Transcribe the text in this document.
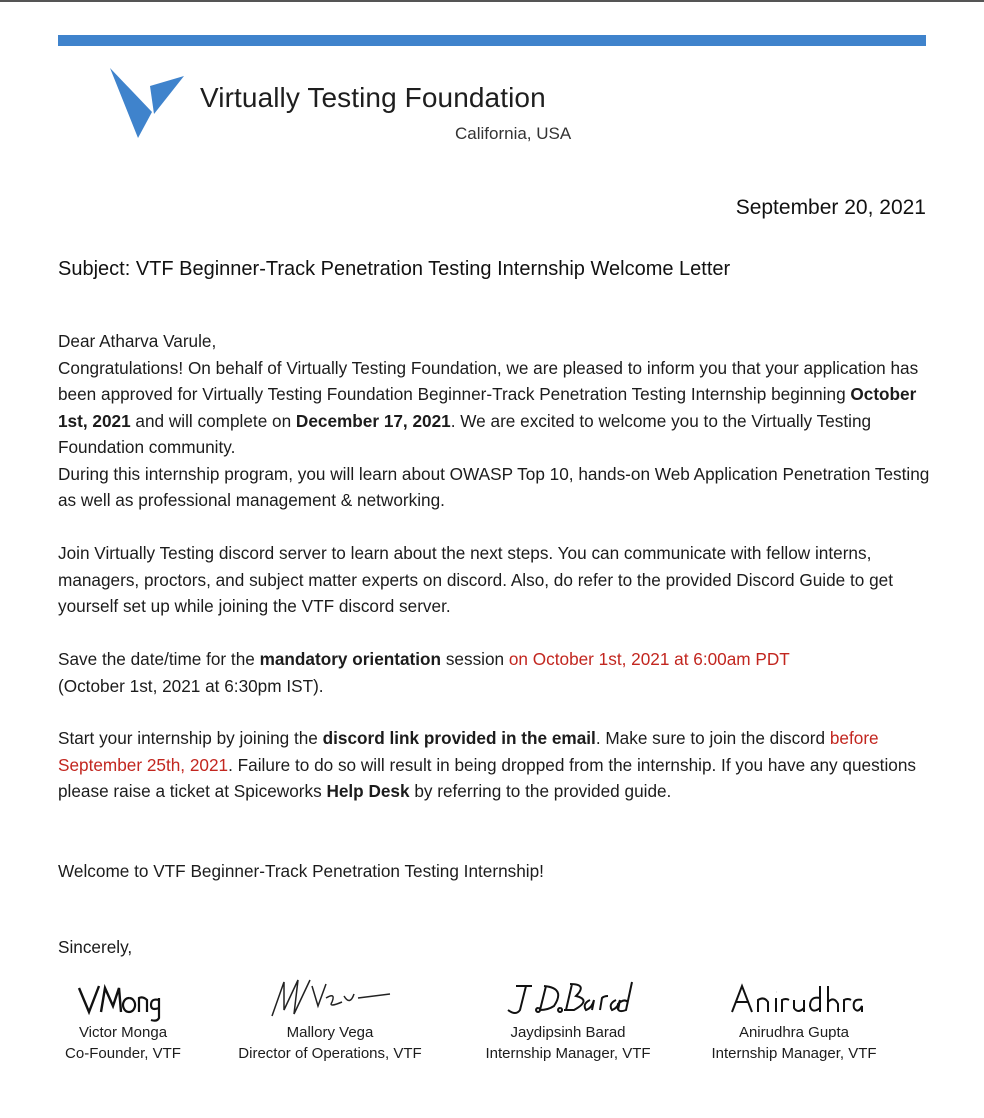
Virtually Testing Foundation
California, USA
September 20, 2021
Subject: VTF Beginner-Track Penetration Testing Internship Welcome Letter

Dear Atharva Varule,

Congratulations! On behalf of Virtually Testing Foundation, we are pleased to inform you that your application has been approved for Virtually Testing Foundation Beginner-Track Penetration Testing Internship beginning October 1st, 2021 and will complete on December 17, 2021. We are excited to welcome you to the Virtually Testing Foundation community.

During this internship program, you will learn about OWASP Top 10, hands-on Web Application Penetration Testing as well as professional management & networking.

Join Virtually Testing discord server to learn about the next steps. You can communicate with fellow interns, managers, proctors, and subject matter experts on discord. Also, do refer to the provided Discord Guide to get yourself set up while joining the VTF discord server.

Save the date/time for the mandatory orientation session on October 1st, 2021 at 6:00am PDT

(October 1st, 2021 at 6:30pm IST).

Start your internship by joining the discord link provided in the email. Make sure to join the discord before September 25th, 2021. Failure to do so will result in being dropped from the internship. If you have any questions please raise a ticket at Spiceworks Help Desk by referring to the provided guide.

Welcome to VTF Beginner-Track Penetration Testing Internship!
Sincerely,
Victor Monga
Co-Founder, VTF
Mallory Vega
Director of Operations, VTF
Jaydipsinh Barad
Internship Manager, VTF
Anirudhra Gupta
Internship Manager, VTF
